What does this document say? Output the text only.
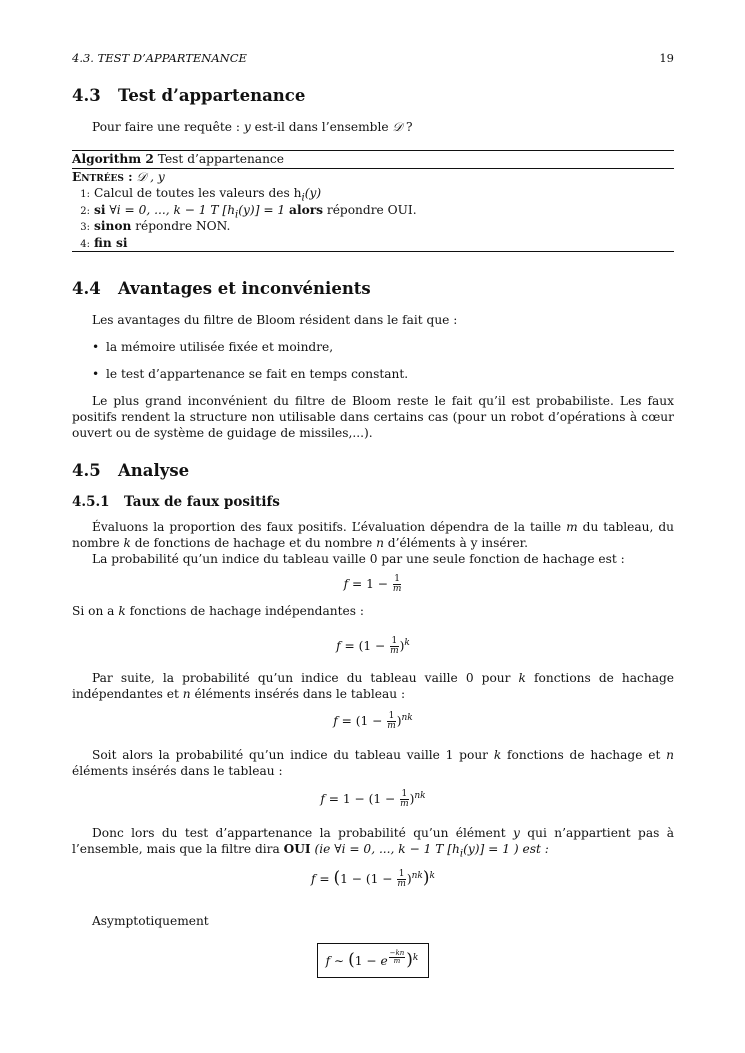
4.3. TEST D’APPARTENANCE	19
4.3 Test d’appartenance
Pour faire une requête : y est-il dans l’ensemble 𝒟 ?
Algorithm 2 Test d’appartenance
Entrées : 𝒟 , y
1: Calcul de toutes les valeurs des $h_i(y)$
2: si ∀i = 0, ..., k − 1 T $[h_i(y)] = 1$ alors répondre OUI.
3: sinon répondre NON.
4: fin si
4.4 Avantages et inconvénients
Les avantages du filtre de Bloom résident dans le fait que :
• la mémoire utilisée fixée et moindre,
• le test d’appartenance se fait en temps constant.
Le plus grand inconvénient du filtre de Bloom reste le fait qu’il est probabiliste. Les faux positifs rendent la structure non utilisable dans certains cas (pour un robot d’opérations à cœur ouvert ou de système de guidage de missiles,...).
4.5 Analyse
4.5.1 Taux de faux positifs
Évaluons la proportion des faux positifs. L’évaluation dépendra de la taille m du tableau, du nombre k de fonctions de hachage et du nombre n d’éléments à y insérer.
La probabilité qu’un indice du tableau vaille 0 par une seule fonction de hachage est :
$f = 1 - \frac{1}{m}$
Si on a k fonctions de hachage indépendantes :
$f = (1 - \frac{1}{m} )^k$
Par suite, la probabilité qu’un indice du tableau vaille 0 pour k fonctions de hachage indépendantes et n éléments insérés dans le tableau :
$f = (1 - \frac{1}{m} )^{nk}$
Soit alors la probabilité qu’un indice du tableau vaille 1 pour k fonctions de hachage et n éléments insérés dans le tableau :
$f = 1 - (1 - \frac{1}{m} )^{nk}$
Donc lors du test d’appartenance la probabilité qu’un élément y qui n’appartient pas à l’ensemble, mais que la filtre dira OUI (ie ∀i = 0, ..., k − 1 T $[h_i(y)] = 1$ ) est :
$f = (1 - (1 - \frac{1}{m} )^{nk})^k$
Asymptotiquement
f ∼ (1 − e $^{\frac{-kn}{m}}$ )$^k$
